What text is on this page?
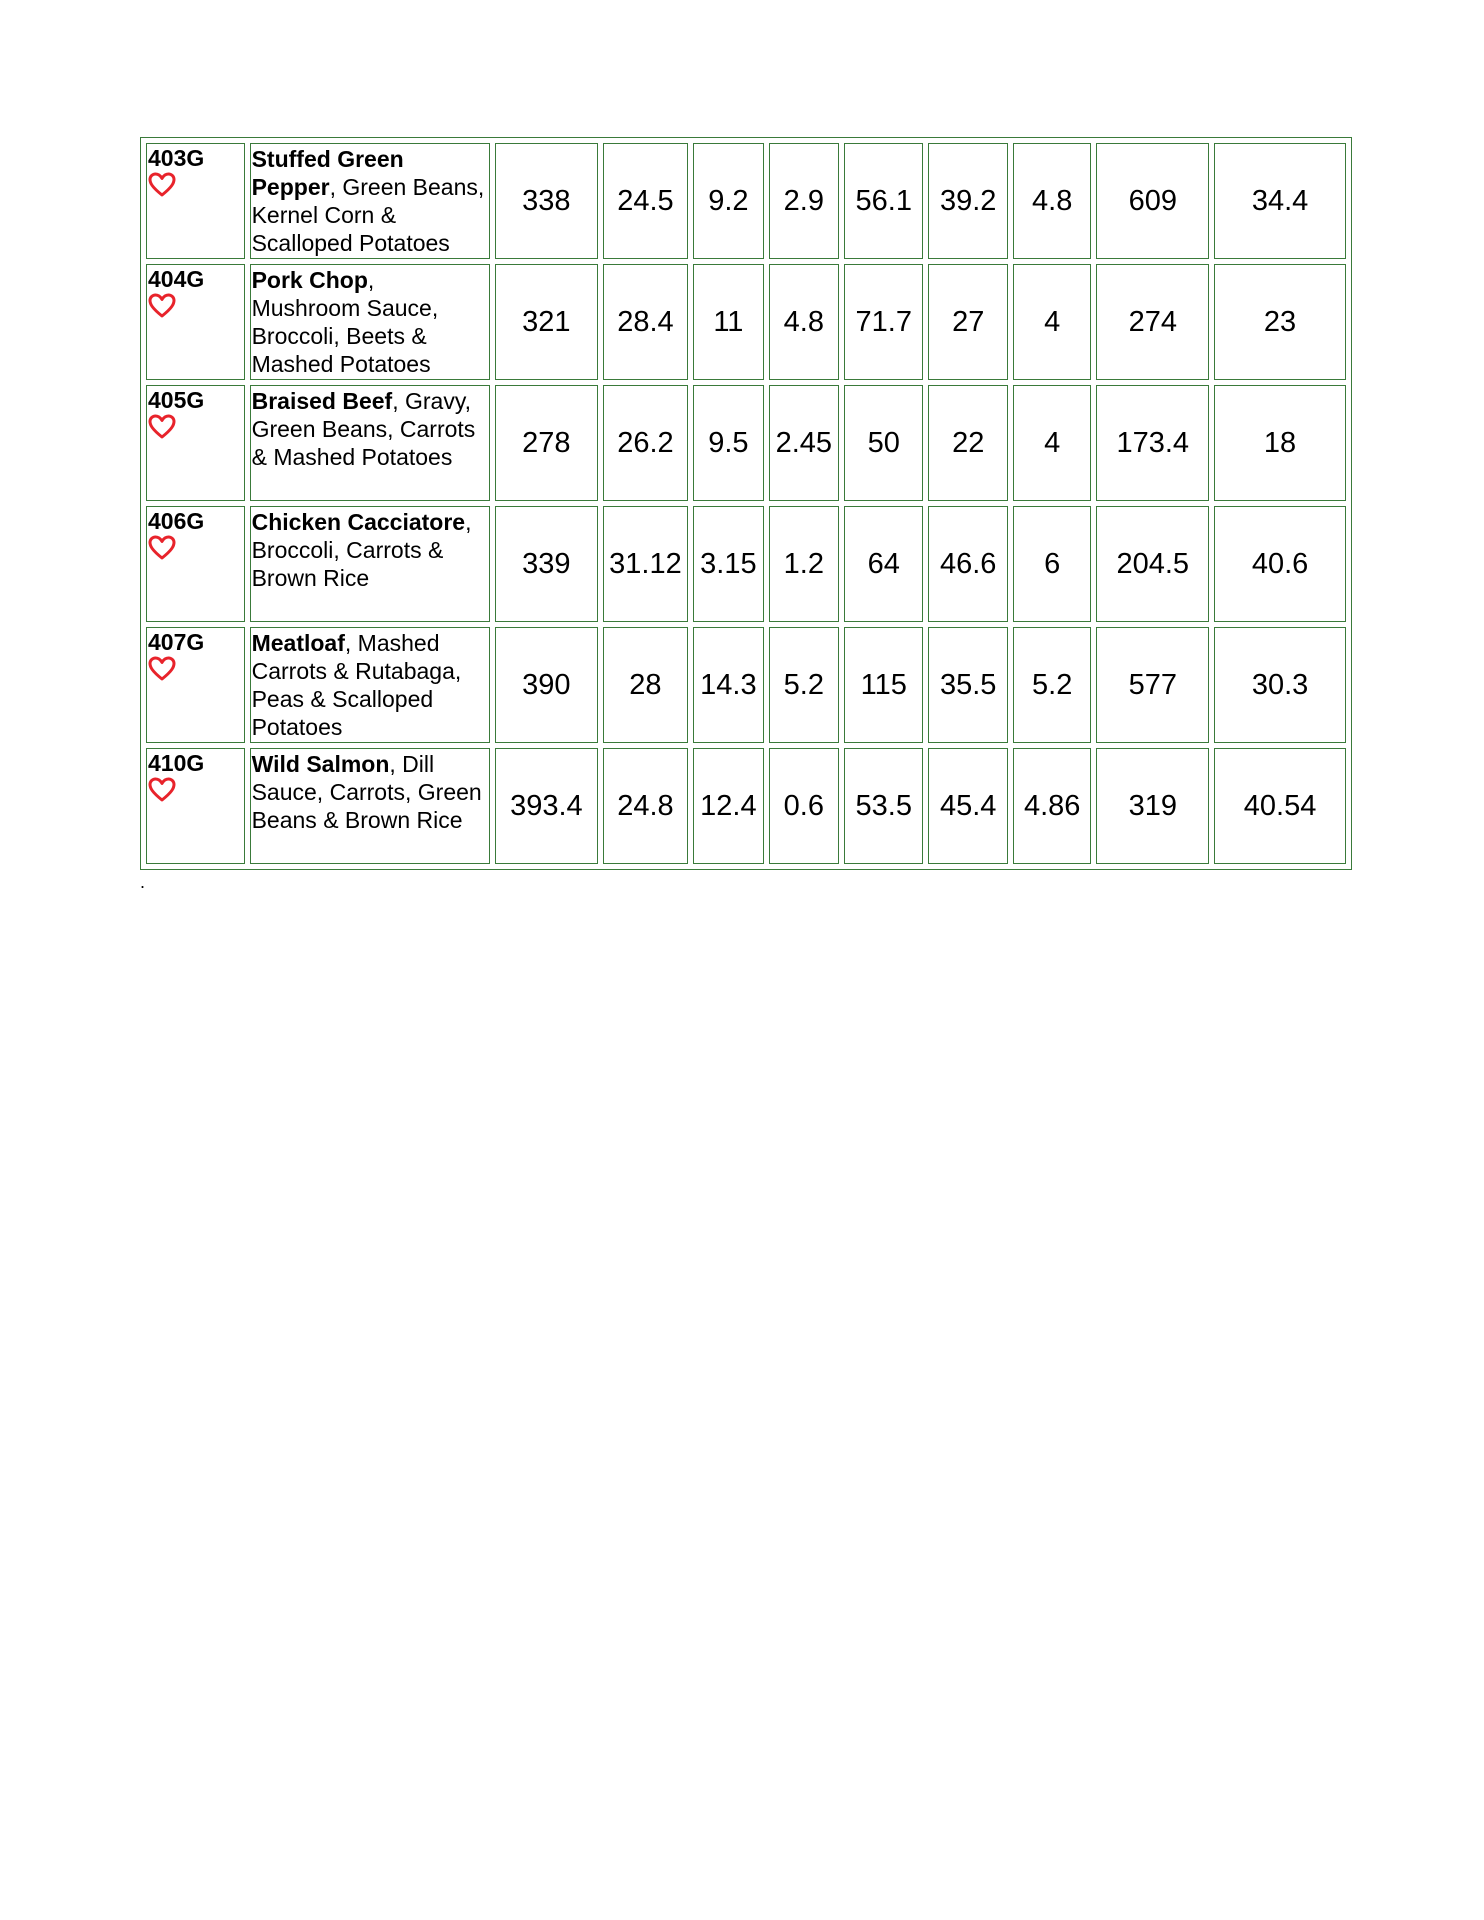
403G	Stuffed Green Pepper, Green Beans, Kernel Corn & Scalloped Potatoes	338	24.5	9.2	2.9	56.1	39.2	4.8	609	34.4
404G	Pork Chop, Mushroom Sauce, Broccoli, Beets & Mashed Potatoes	321	28.4	11	4.8	71.7	27	4	274	23
405G	Braised Beef, Gravy, Green Beans, Carrots & Mashed Potatoes	278	26.2	9.5	2.45	50	22	4	173.4	18
406G	Chicken Cacciatore, Broccoli, Carrots & Brown Rice	339	31.12	3.15	1.2	64	46.6	6	204.5	40.6
407G	Meatloaf, Mashed Carrots & Rutabaga, Peas & Scalloped Potatoes	390	28	14.3	5.2	115	35.5	5.2	577	30.3
410G	Wild Salmon, Dill Sauce, Carrots, Green Beans & Brown Rice	393.4	24.8	12.4	0.6	53.5	45.4	4.86	319	40.54
.
